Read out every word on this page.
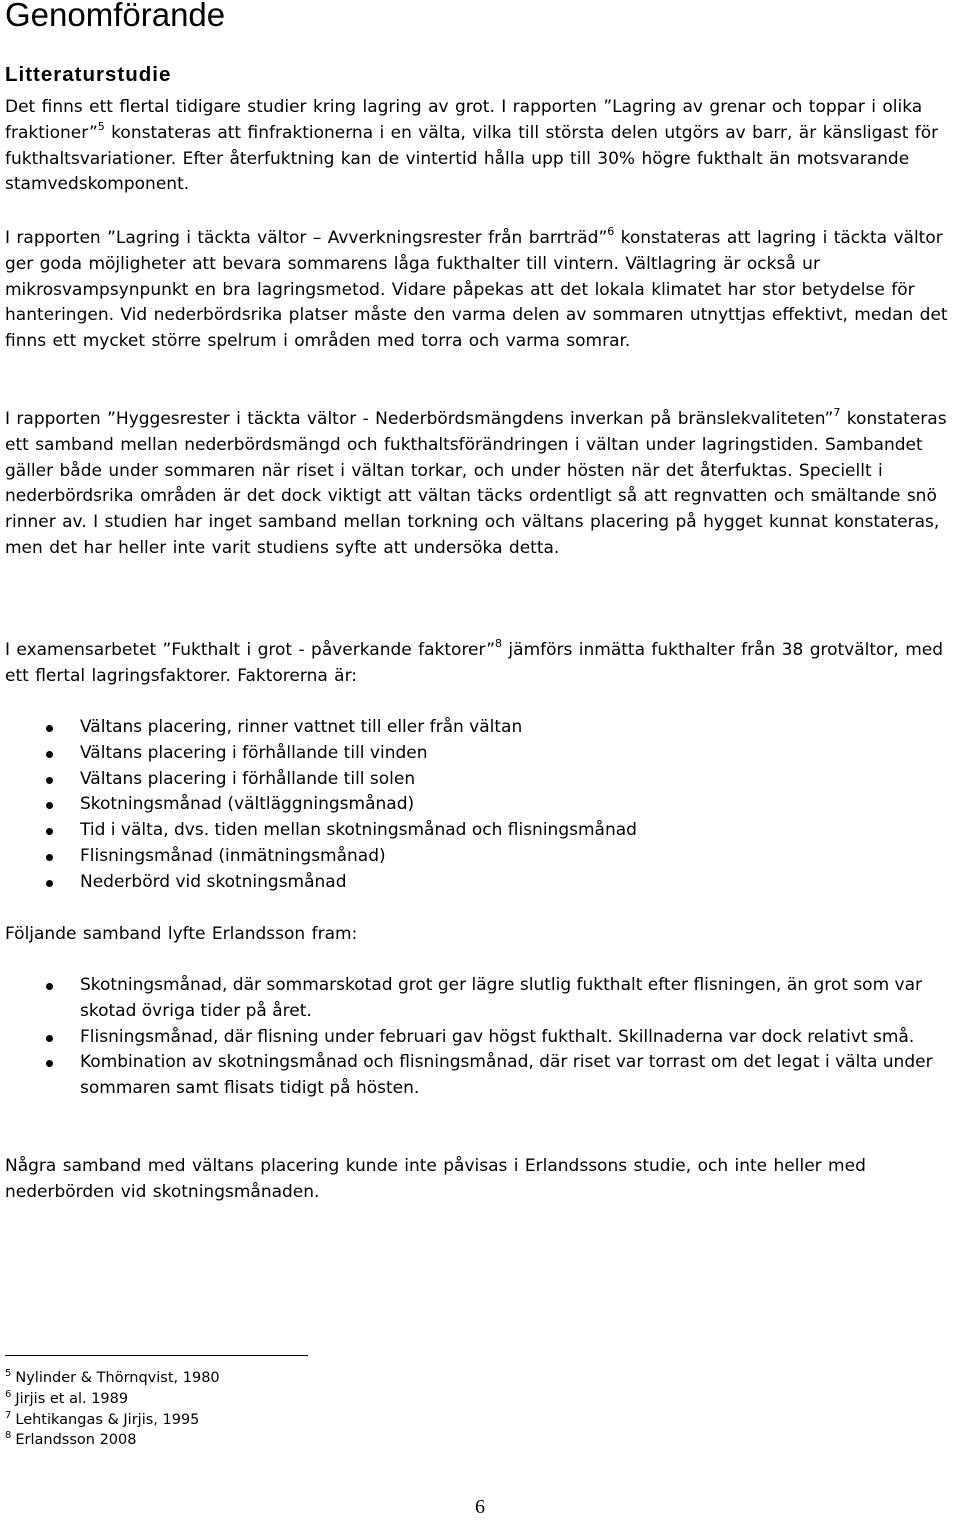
Genomförande
Litteraturstudie

Det finns ett flertal tidigare studier kring lagring av grot. I rapporten ”Lagring av grenar och toppar i olika fraktioner”$^5$ konstateras att finfraktionerna i en välta, vilka till största delen utgörs av barr, är känsligast för fukthaltsvariationer. Efter återfuktning kan de vintertid hålla upp till 30% högre fukthalt än motsvarande stamvedskomponent.

I rapporten ”Lagring i täckta vältor – Avverkningsrester från barrträd”$^6$ konstateras att lagring i täckta vältor ger goda möjligheter att bevara sommarens låga fukthalter till vintern. Vältlagring är också ur mikrosvampsynpunkt en bra lagringsmetod. Vidare påpekas att det lokala klimatet har stor betydelse för hanteringen. Vid nederbördsrika platser måste den varma delen av sommaren utnyttjas effektivt, medan det finns ett mycket större spelrum i områden med torra och varma somrar.

I rapporten ”Hyggesrester i täckta vältor - Nederbördsmängdens inverkan på bränslekvaliteten”$^7$ konstateras ett samband mellan nederbördsmängd och fukthaltsförändringen i vältan under lagringstiden. Sambandet gäller både under sommaren när riset i vältan torkar, och under hösten när det återfuktas. Speciellt i nederbördsrika områden är det dock viktigt att vältan täcks ordentligt så att regnvatten och smältande snö rinner av. I studien har inget samband mellan torkning och vältans placering på hygget kunnat konstateras, men det har heller inte varit studiens syfte att undersöka detta.

I examensarbetet ”Fukthalt i grot - påverkande faktorer”$^8$ jämförs inmätta fukthalter från 38 grotvältor, med ett flertal lagringsfaktorer. Faktorerna är:

Vältans placering, rinner vattnet till eller från vältan
Vältans placering i förhållande till vinden
Vältans placering i förhållande till solen
Skotningsmånad (vältläggningsmånad)
Tid i välta, dvs. tiden mellan skotningsmånad och flisningsmånad
Flisningsmånad (inmätningsmånad)
Nederbörd vid skotningsmånad

Följande samband lyfte Erlandsson fram:

Skotningsmånad, där sommarskotad grot ger lägre slutlig fukthalt efter flisningen, än grot som var skotad övriga tider på året.
Flisningsmånad, där flisning under februari gav högst fukthalt. Skillnaderna var dock relativt små.
Kombination av skotningsmånad och flisningsmånad, där riset var torrast om det legat i välta under sommaren samt flisats tidigt på hösten.

Några samband med vältans placering kunde inte påvisas i Erlandssons studie, och inte heller med nederbörden vid skotningsmånaden.

$^5$ Nylinder & Thörnqvist, 1980
$^6$ Jirjis et al. 1989
$^7$ Lehtikangas & Jirjis, 1995
$^8$ Erlandsson 2008
6
